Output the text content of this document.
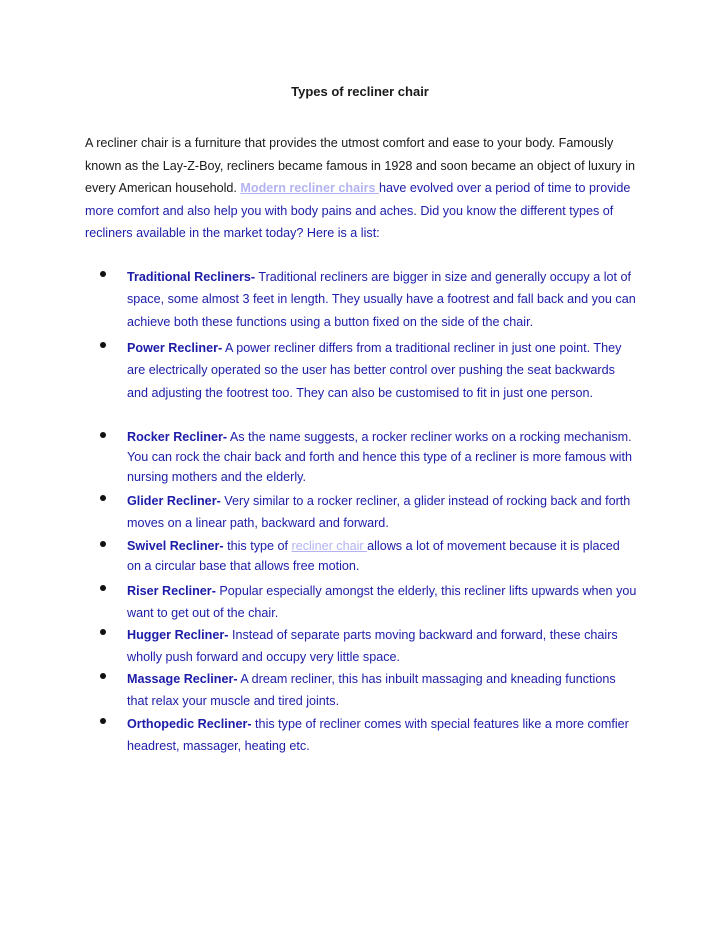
Types of recliner chair
A recliner chair is a furniture that provides the utmost comfort and ease to your body. Famously known as the Lay-Z-Boy, recliners became famous in 1928 and soon became an object of luxury in every American household. Modern recliner chairs have evolved over a period of time to provide more comfort and also help you with body pains and aches. Did you know the different types of recliners available in the market today? Here is a list:
Traditional Recliners- Traditional recliners are bigger in size and generally occupy a lot of space, some almost 3 feet in length. They usually have a footrest and fall back and you can achieve both these functions using a button fixed on the side of the chair.
Power Recliner- A power recliner differs from a traditional recliner in just one point. They are electrically operated so the user has better control over pushing the seat backwards and adjusting the footrest too. They can also be customised to fit in just one person.
Rocker Recliner- As the name suggests, a rocker recliner works on a rocking mechanism. You can rock the chair back and forth and hence this type of a recliner is more famous with nursing mothers and the elderly.
Glider Recliner- Very similar to a rocker recliner, a glider instead of rocking back and forth moves on a linear path, backward and forward.
Swivel Recliner- this type of recliner chair allows a lot of movement because it is placed on a circular base that allows free motion.
Riser Recliner- Popular especially amongst the elderly, this recliner lifts upwards when you want to get out of the chair.
Hugger Recliner- Instead of separate parts moving backward and forward, these chairs wholly push forward and occupy very little space.
Massage Recliner- A dream recliner, this has inbuilt massaging and kneading functions that relax your muscle and tired joints.
Orthopedic Recliner- this type of recliner comes with special features like a more comfier headrest, massager, heating etc.
